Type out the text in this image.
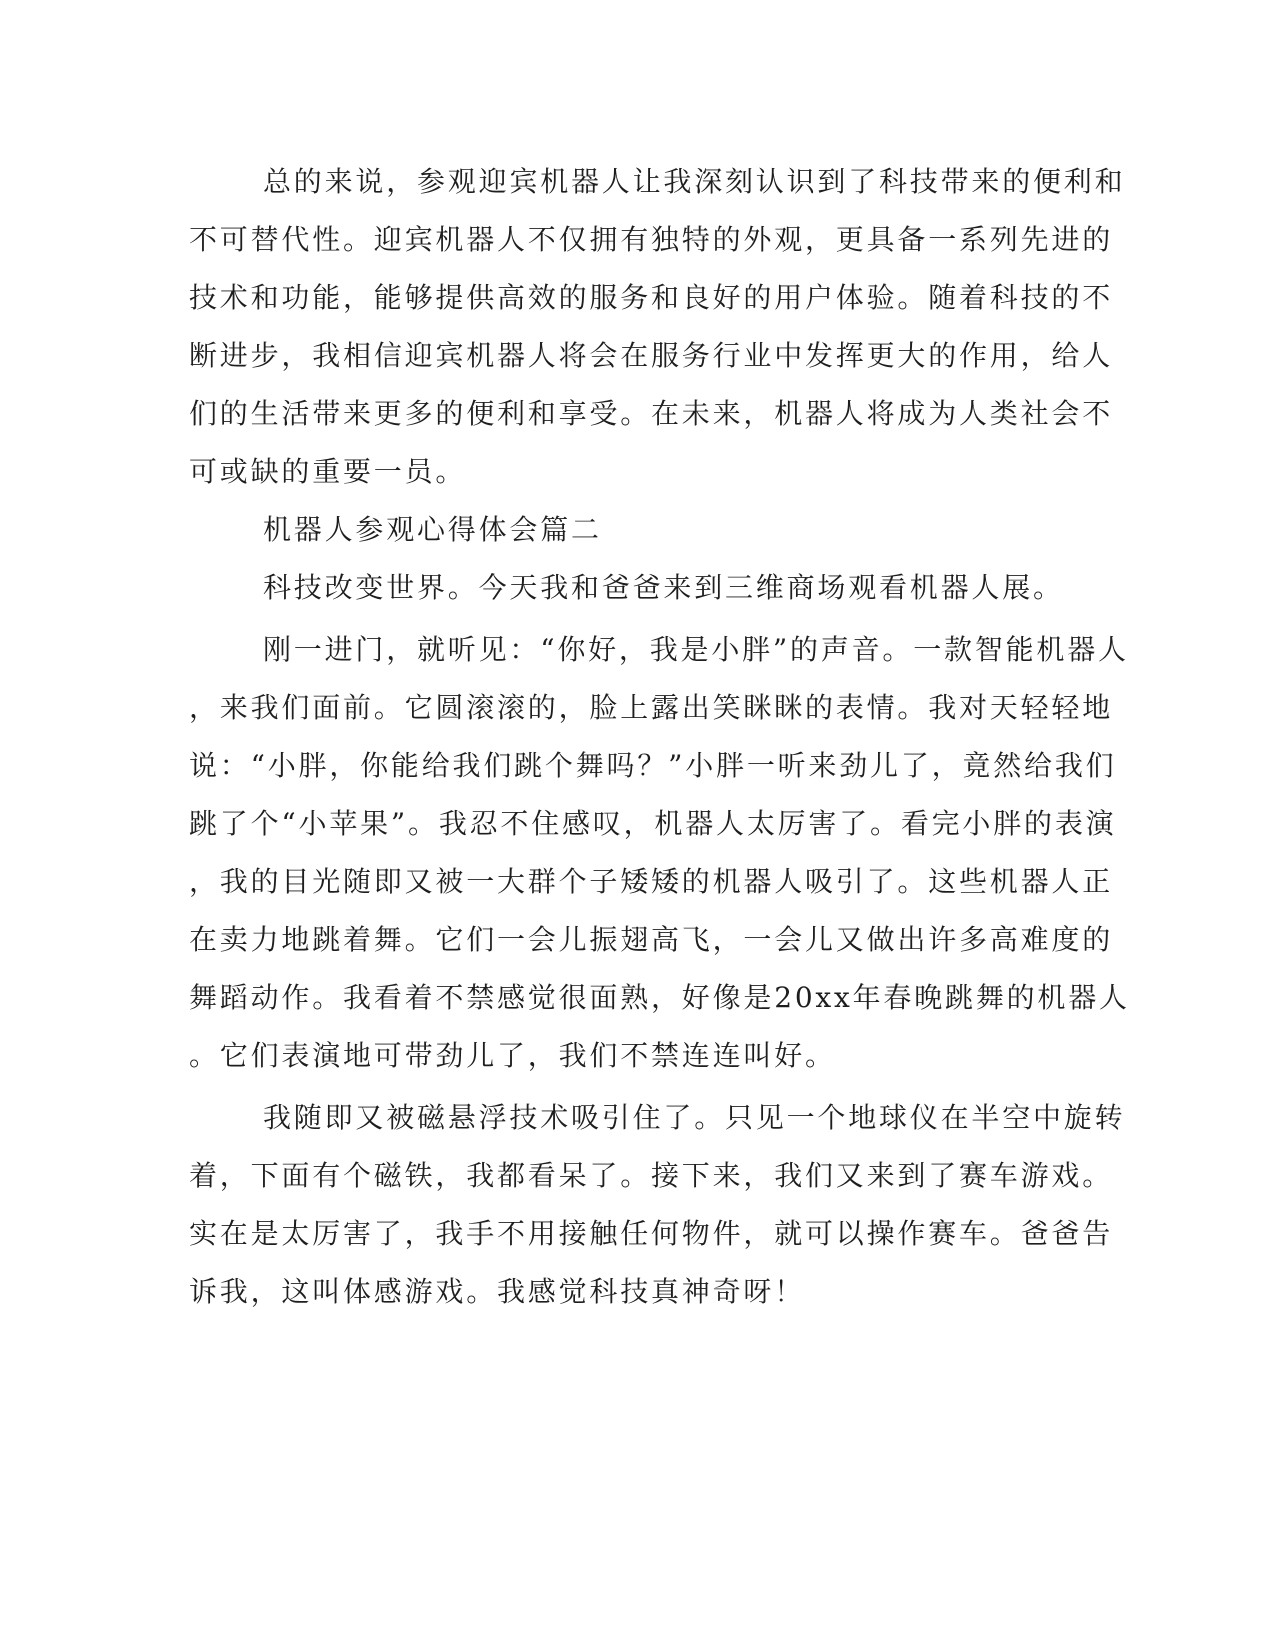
总的来说，参观迎宾机器人让我深刻认识到了科技带来的便利和
不可替代性。迎宾机器人不仅拥有独特的外观，更具备一系列先进的
技术和功能，能够提供高效的服务和良好的用户体验。随着科技的不
断进步，我相信迎宾机器人将会在服务行业中发挥更大的作用，给人
们的生活带来更多的便利和享受。在未来，机器人将成为人类社会不
可或缺的重要一员。
机器人参观心得体会篇二
科技改变世界。今天我和爸爸来到三维商场观看机器人展。
刚一进门，就听见：“你好，我是小胖”的声音。一款智能机器人
，来我们面前。它圆滚滚的，脸上露出笑眯眯的表情。我对天轻轻地
说：“小胖，你能给我们跳个舞吗？”小胖一听来劲儿了，竟然给我们
跳了个“小苹果”。我忍不住感叹，机器人太厉害了。看完小胖的表演
，我的目光随即又被一大群个子矮矮的机器人吸引了。这些机器人正
在卖力地跳着舞。它们一会儿振翅高飞，一会儿又做出许多高难度的
舞蹈动作。我看着不禁感觉很面熟，好像是20xx年春晚跳舞的机器人
。它们表演地可带劲儿了，我们不禁连连叫好。
我随即又被磁悬浮技术吸引住了。只见一个地球仪在半空中旋转
着，下面有个磁铁，我都看呆了。接下来，我们又来到了赛车游戏。
实在是太厉害了，我手不用接触任何物件，就可以操作赛车。爸爸告
诉我，这叫体感游戏。我感觉科技真神奇呀！
